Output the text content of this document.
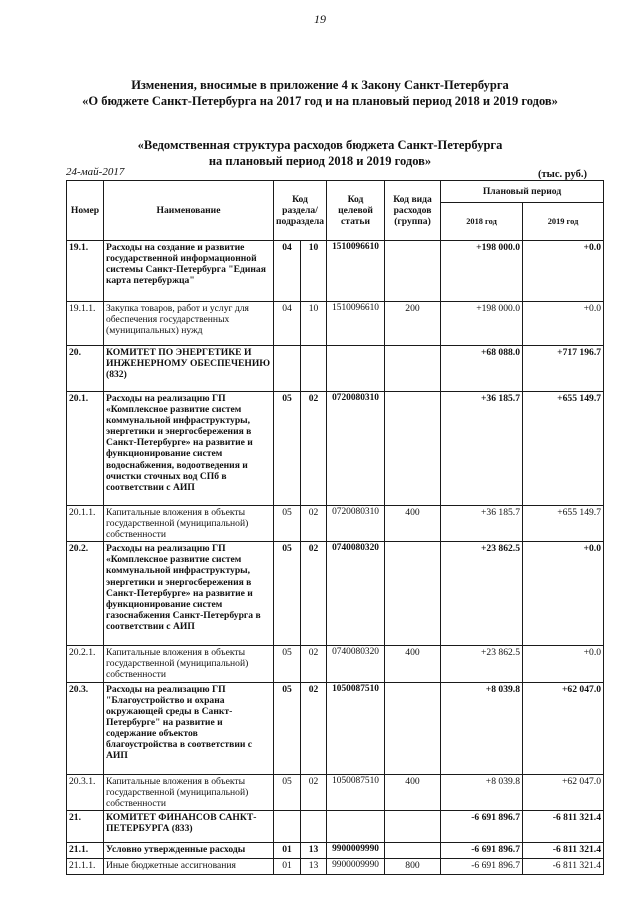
19
Изменения, вносимые в приложение 4 к Закону Санкт-Петербурга
«О бюджете Санкт-Петербурга на 2017 год и на плановый период 2018 и 2019 годов»
«Ведомственная структура расходов бюджета Санкт-Петербурга
на плановый период 2018 и 2019 годов»
24-май-2017	(тыс. руб.)
Номер	Наименование	Код раздела/ подраздела		Код целевой статьи	Код вида расходов (группа)	Плановый период	
						2018 год	2019 год
19.1.	Расходы на создание и развитие государственной информационной системы Санкт-Петербурга "Единая карта петербуржца"	04	10	1510096610		+198 000.0	+0.0
19.1.1.	Закупка товаров, работ и услуг для обеспечения государственных (муниципальных) нужд	04	10	1510096610	200	+198 000.0	+0.0
20.	КОМИТЕТ ПО ЭНЕРГЕТИКЕ И ИНЖЕНЕРНОМУ ОБЕСПЕЧЕНИЮ (832)					+68 088.0	+717 196.7
20.1.	Расходы на реализацию ГП «Комплексное развитие систем коммунальной инфраструктуры, энергетики и энергосбережения в Санкт-Петербурге» на развитие и функционирование систем водоснабжения, водоотведения и очистки сточных вод СПб в соответствии с АИП	05	02	0720080310		+36 185.7	+655 149.7
20.1.1.	Капитальные вложения в объекты государственной (муниципальной) собственности	05	02	0720080310	400	+36 185.7	+655 149.7
20.2.	Расходы на реализацию ГП «Комплексное развитие систем коммунальной инфраструктуры, энергетики и энергосбережения в Санкт-Петербурге» на развитие и функционирование систем газоснабжения Санкт-Петербурга в соответствии с АИП	05	02	0740080320		+23 862.5	+0.0
20.2.1.	Капитальные вложения в объекты государственной (муниципальной) собственности	05	02	0740080320	400	+23 862.5	+0.0
20.3.	Расходы на реализацию ГП "Благоустройство и охрана окружающей среды в Санкт-Петербурге" на развитие и содержание объектов благоустройства в соответствии с АИП	05	02	1050087510		+8 039.8	+62 047.0
20.3.1.	Капитальные вложения в объекты государственной (муниципальной) собственности	05	02	1050087510	400	+8 039.8	+62 047.0
21.	КОМИТЕТ ФИНАНСОВ САНКТ-ПЕТЕРБУРГА (833)					-6 691 896.7	-6 811 321.4
21.1.	Условно утвержденные расходы	01	13	9900009990		-6 691 896.7	-6 811 321.4
21.1.1.	Иные бюджетные ассигнования	01	13	9900009990	800	-6 691 896.7	-6 811 321.4
